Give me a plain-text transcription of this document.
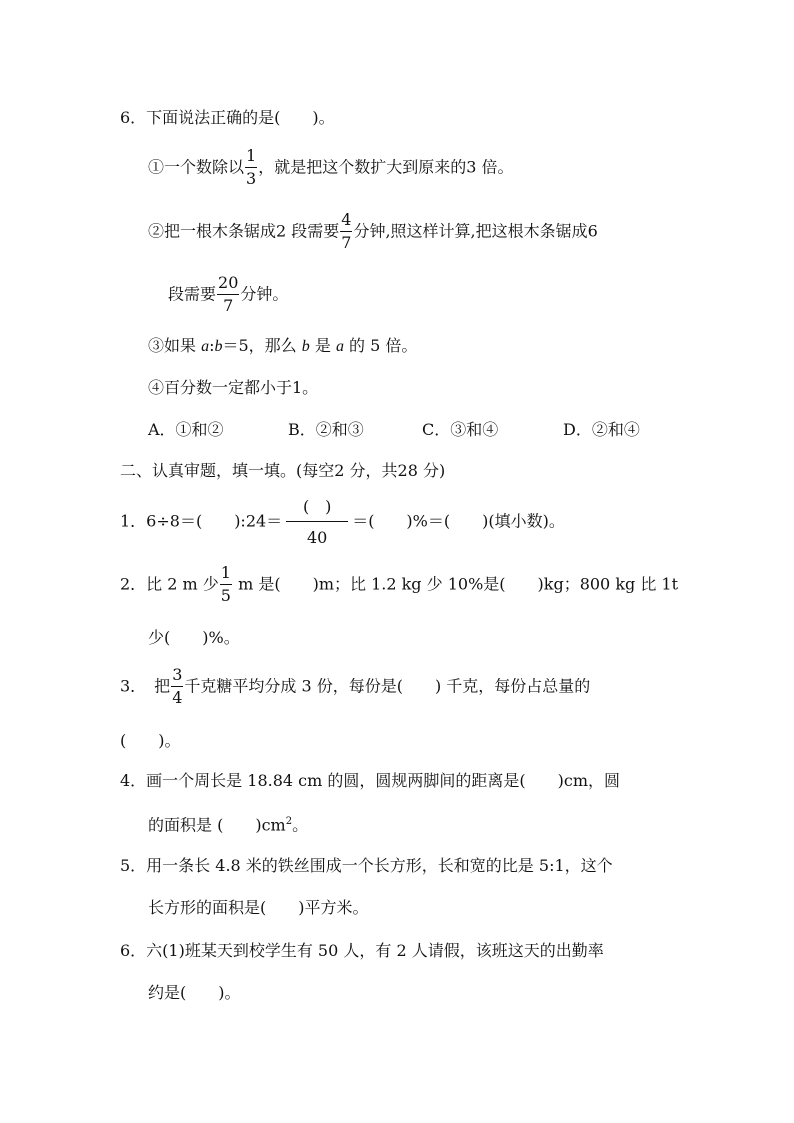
6．下面说法正确的是(　　)。
①一个数除以 $\frac{1}{3}$ ，就是把这个数扩大到原来的3 倍。
②把一根木条锯成2 段需要 $\frac{4}{7}$ 分钟,照这样计算,把这根木条锯成6
段需要 $\frac{20}{7}$ 分钟。
③如果 a:b＝5，那么 b 是 a 的 5 倍。
④百分数一定都小于1。
A．①和②	B．②和③	C．③和④	D．②和④
二、认真审题，填一填。(每空2 分，共28 分)
1．6÷8＝(　　):24＝ $\frac{( )}{40}$ ＝(　　)%＝(　　)(填小数)。
2．比 2 m 少 $\frac{1}{5}$ m 是(　　)m；比 1.2 kg 少 10%是(　　)kg；800 kg 比 1t
少(　　)%。
3．　把 $\frac{3}{4}$ 千克糖平均分成 3 份，每份是(　　) 千克，每份占总量的
(　　)。
4．画一个周长是 18.84 cm 的圆，圆规两脚间的距离是(　　)cm，圆
的面积是 (　　)$cm^2$。
5．用一条长 4.8 米的铁丝围成一个长方形，长和宽的比是 5:1，这个
长方形的面积是(　　)平方米。
6．六(1)班某天到校学生有 50 人，有 2 人请假，该班这天的出勤率
约是(　　)。
